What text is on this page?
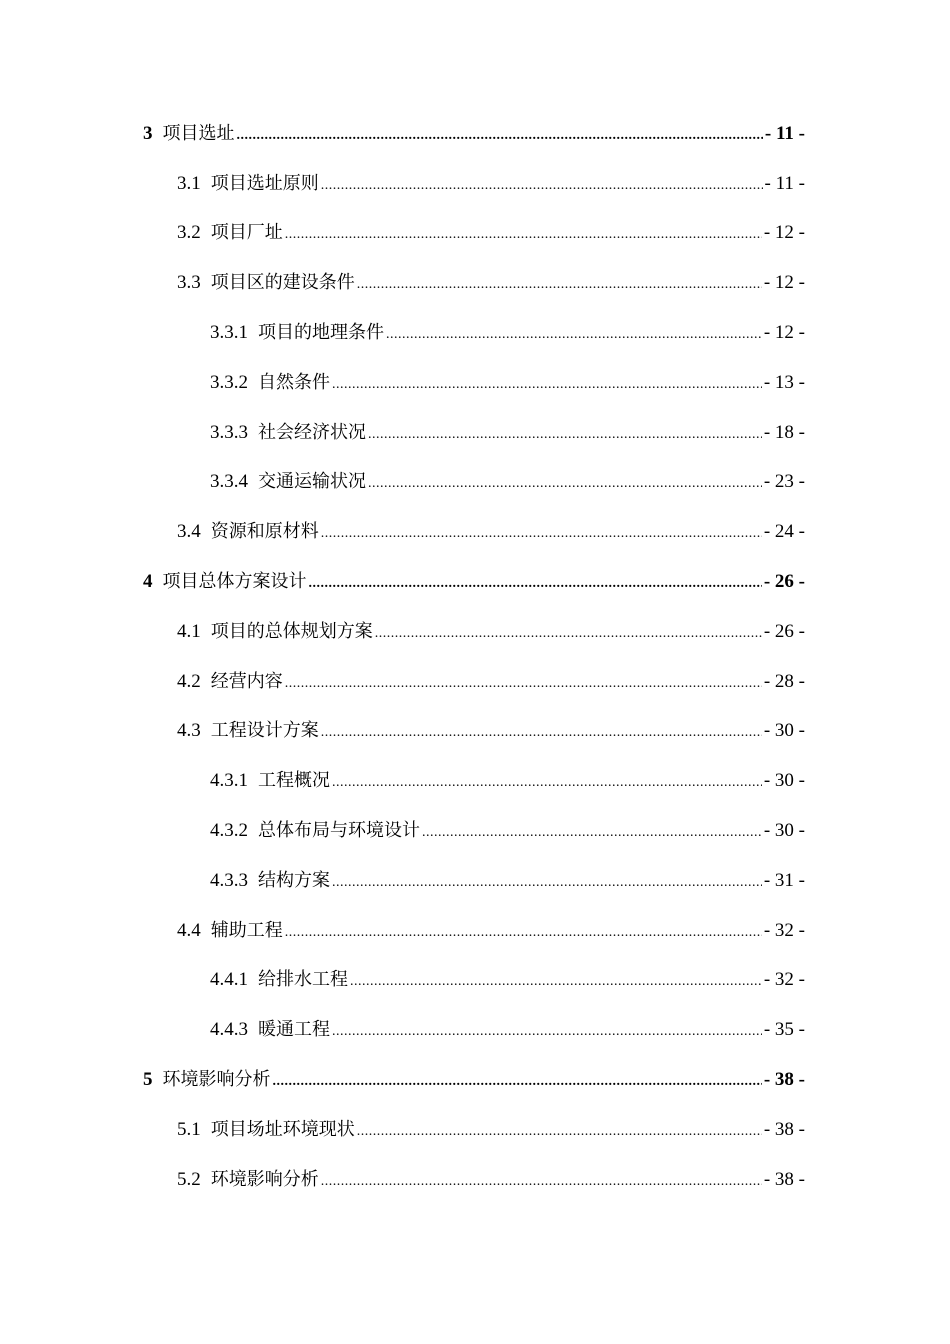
3 项目选址 .....	- 11 -
3.1 项目选址原则 .....	- 11 -
3.2 项目厂址 .....	- 12 -
3.3 项目区的建设条件 .....	- 12 -
3.3.1 项目的地理条件 .....	- 12 -
3.3.2 自然条件 .....	- 13 -
3.3.3 社会经济状况 .....	- 18 -
3.3.4 交通运输状况 .....	- 23 -
3.4 资源和原材料 .....	- 24 -
4 项目总体方案设计 .....	- 26 -
4.1 项目的总体规划方案 .....	- 26 -
4.2 经营内容 .....	- 28 -
4.3 工程设计方案 .....	- 30 -
4.3.1 工程概况 .....	- 30 -
4.3.2 总体布局与环境设计 .....	- 30 -
4.3.3 结构方案 .....	- 31 -
4.4 辅助工程 .....	- 32 -
4.4.1 给排水工程 .....	- 32 -
4.4.3 暖通工程 .....	- 35 -
5 环境影响分析 .....	- 38 -
5.1 项目场址环境现状 .....	- 38 -
5.2 环境影响分析 .....	- 38 -
